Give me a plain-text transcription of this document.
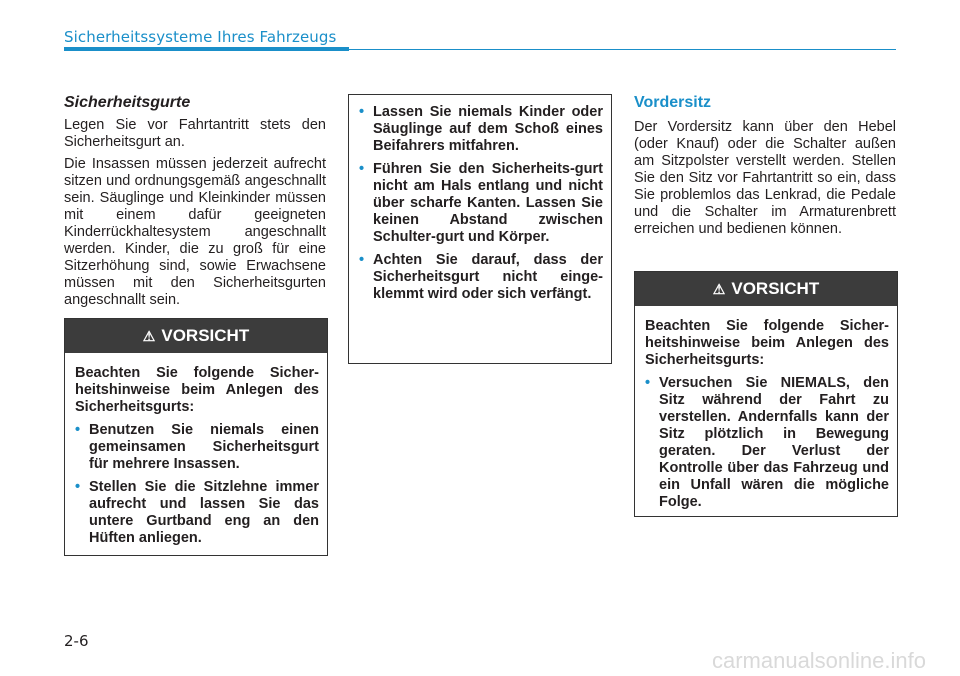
Sicherheitssysteme Ihres Fahrzeugs
Sicherheitsgurte

Legen Sie vor Fahrtantritt stets den Sicherheitsgurt an.

Die Insassen müssen jederzeit aufrecht sitzen und ordnungsgemäß angeschnallt sein. Säuglinge und Kleinkinder müssen mit einem dafür geeigneten Kinderrückhaltesystem angeschnallt werden. Kinder, die zu groß für eine Sitzerhöhung sind, sowie Erwachsene müssen mit den Sicherheitsgurten angeschnallt sein.

⚠ VORSICHT

Beachten Sie folgende Sicher-heitshinweise beim Anlegen des Sicherheitsgurts:

• Benutzen Sie niemals einen gemeinsamen Sicherheitsgurt für mehrere Insassen.
• Stellen Sie die Sitzlehne immer aufrecht und lassen Sie das untere Gurtband eng an den Hüften anliegen.
• Lassen Sie niemals Kinder oder Säuglinge auf dem Schoß eines Beifahrers mitfahren.
• Führen Sie den Sicherheits-gurt nicht am Hals entlang und nicht über scharfe Kanten. Lassen Sie keinen Abstand zwischen Schulter-gurt und Körper.
• Achten Sie darauf, dass der Sicherheitsgurt nicht einge-klemmt wird oder sich verfängt.
Vordersitz

Der Vordersitz kann über den Hebel (oder Knauf) oder die Schalter außen am Sitzpolster verstellt werden. Stellen Sie den Sitz vor Fahrtantritt so ein, dass Sie problemlos das Lenkrad, die Pedale und die Schalter im Armaturenbrett erreichen und bedienen können.

⚠ VORSICHT

Beachten Sie folgende Sicher-heitshinweise beim Anlegen des Sicherheitsgurts:

• Versuchen Sie NIEMALS, den Sitz während der Fahrt zu verstellen. Andernfalls kann der Sitz plötzlich in Bewegung geraten. Der Verlust der Kontrolle über das Fahrzeug und ein Unfall wären die mögliche Folge.
2-6
carmanualsonline.info
